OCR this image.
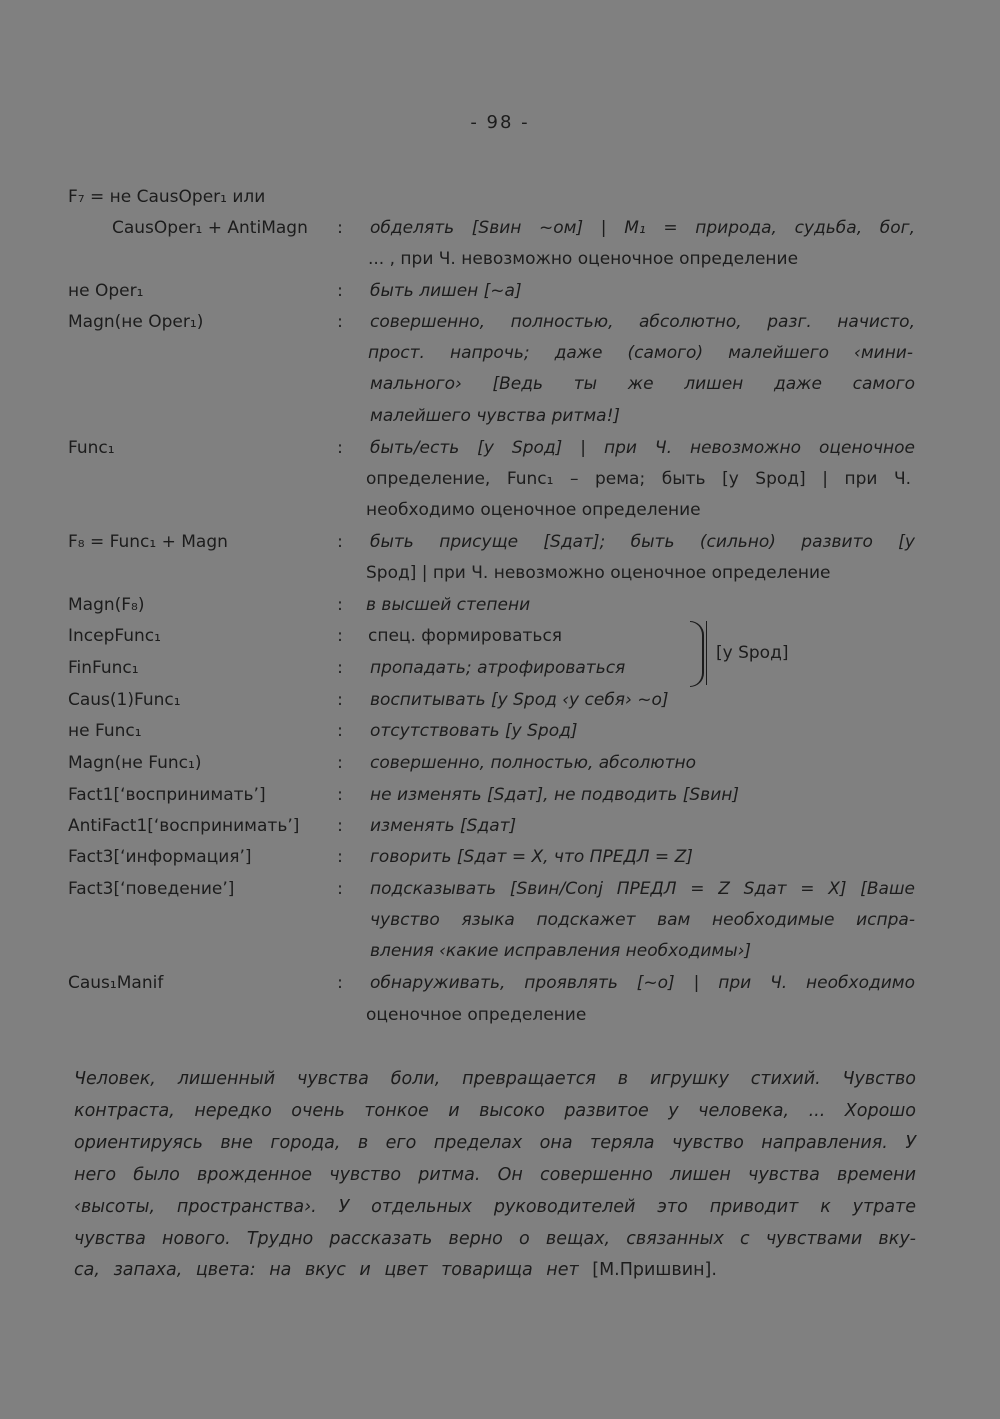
- 98 -
F₇ = не CausOper₁ или
CausOper₁ + AntiMagn : обделять [Sвин ~ом] | M₁ = природа, судьба, бог,
... , при Ч. невозможно оценочное определение
не Oper₁	: быть лишен [~а]
Magn(не Oper₁)	: совершенно, полностью, абсолютно, разг. начисто,
прост. напрочь; даже (самого) малейшего ‹мини-
мального› [Ведь ты же лишен даже самого
малейшего чувства ритма!]
Func₁	: быть/есть [у Sрод] | при Ч. невозможно оценочное
определение, Func₁ – рема; быть [у Sрод] | при Ч.
необходимо оценочное определение
F₈ = Func₁ + Magn	: быть присуще [Sдат]; быть (сильно) развито [у
Sрод] | при Ч. невозможно оценочное определение
Magn(F₈)	: в высшей степени
IncepFunc₁	: спец. формироваться
FinFunc₁	: пропадать; атрофироваться
[у Sрод]
Caus(1)Func₁	: воспитывать [у Sрод ‹у себя› ~о]
не Func₁	: отсутствовать [у Sрод]
Magn(не Func₁)	: совершенно, полностью, абсолютно
Fact1[‘воспринимать’]	: не изменять [Sдат], не подводить [Sвин]
AntiFact1[‘воспринимать’] : изменять [Sдат]
Fact3[‘информация’]	: говорить [Sдат = X, что ПРЕДЛ = Z]
Fact3[‘поведение’]	: подсказывать [Sвин/Conj ПРЕДЛ = Z Sдат = X] [Ваше
чувство языка подскажет вам необходимые испра-
вления ‹какие исправления необходимы›]
Caus₁Manif	: обнаруживать, проявлять [~о] | при Ч. необходимо
оценочное определение
Человек, лишенный чувства боли, превращается в игрушку стихий. Чувство
контраста, нередко очень тонкое и высоко развитое у человека, ... Хорошо
ориентируясь вне города, в его пределах она теряла чувство направления. У
него было врожденное чувство ритма. Он совершенно лишен чувства времени
‹высоты, пространства›. У отдельных руководителей это приводит к утрате
чувства нового. Трудно рассказать верно о вещах, связанных с чувствами вку-
са, запаха, цвета: на вкус и цвет товарища нет [М.Пришвин].
